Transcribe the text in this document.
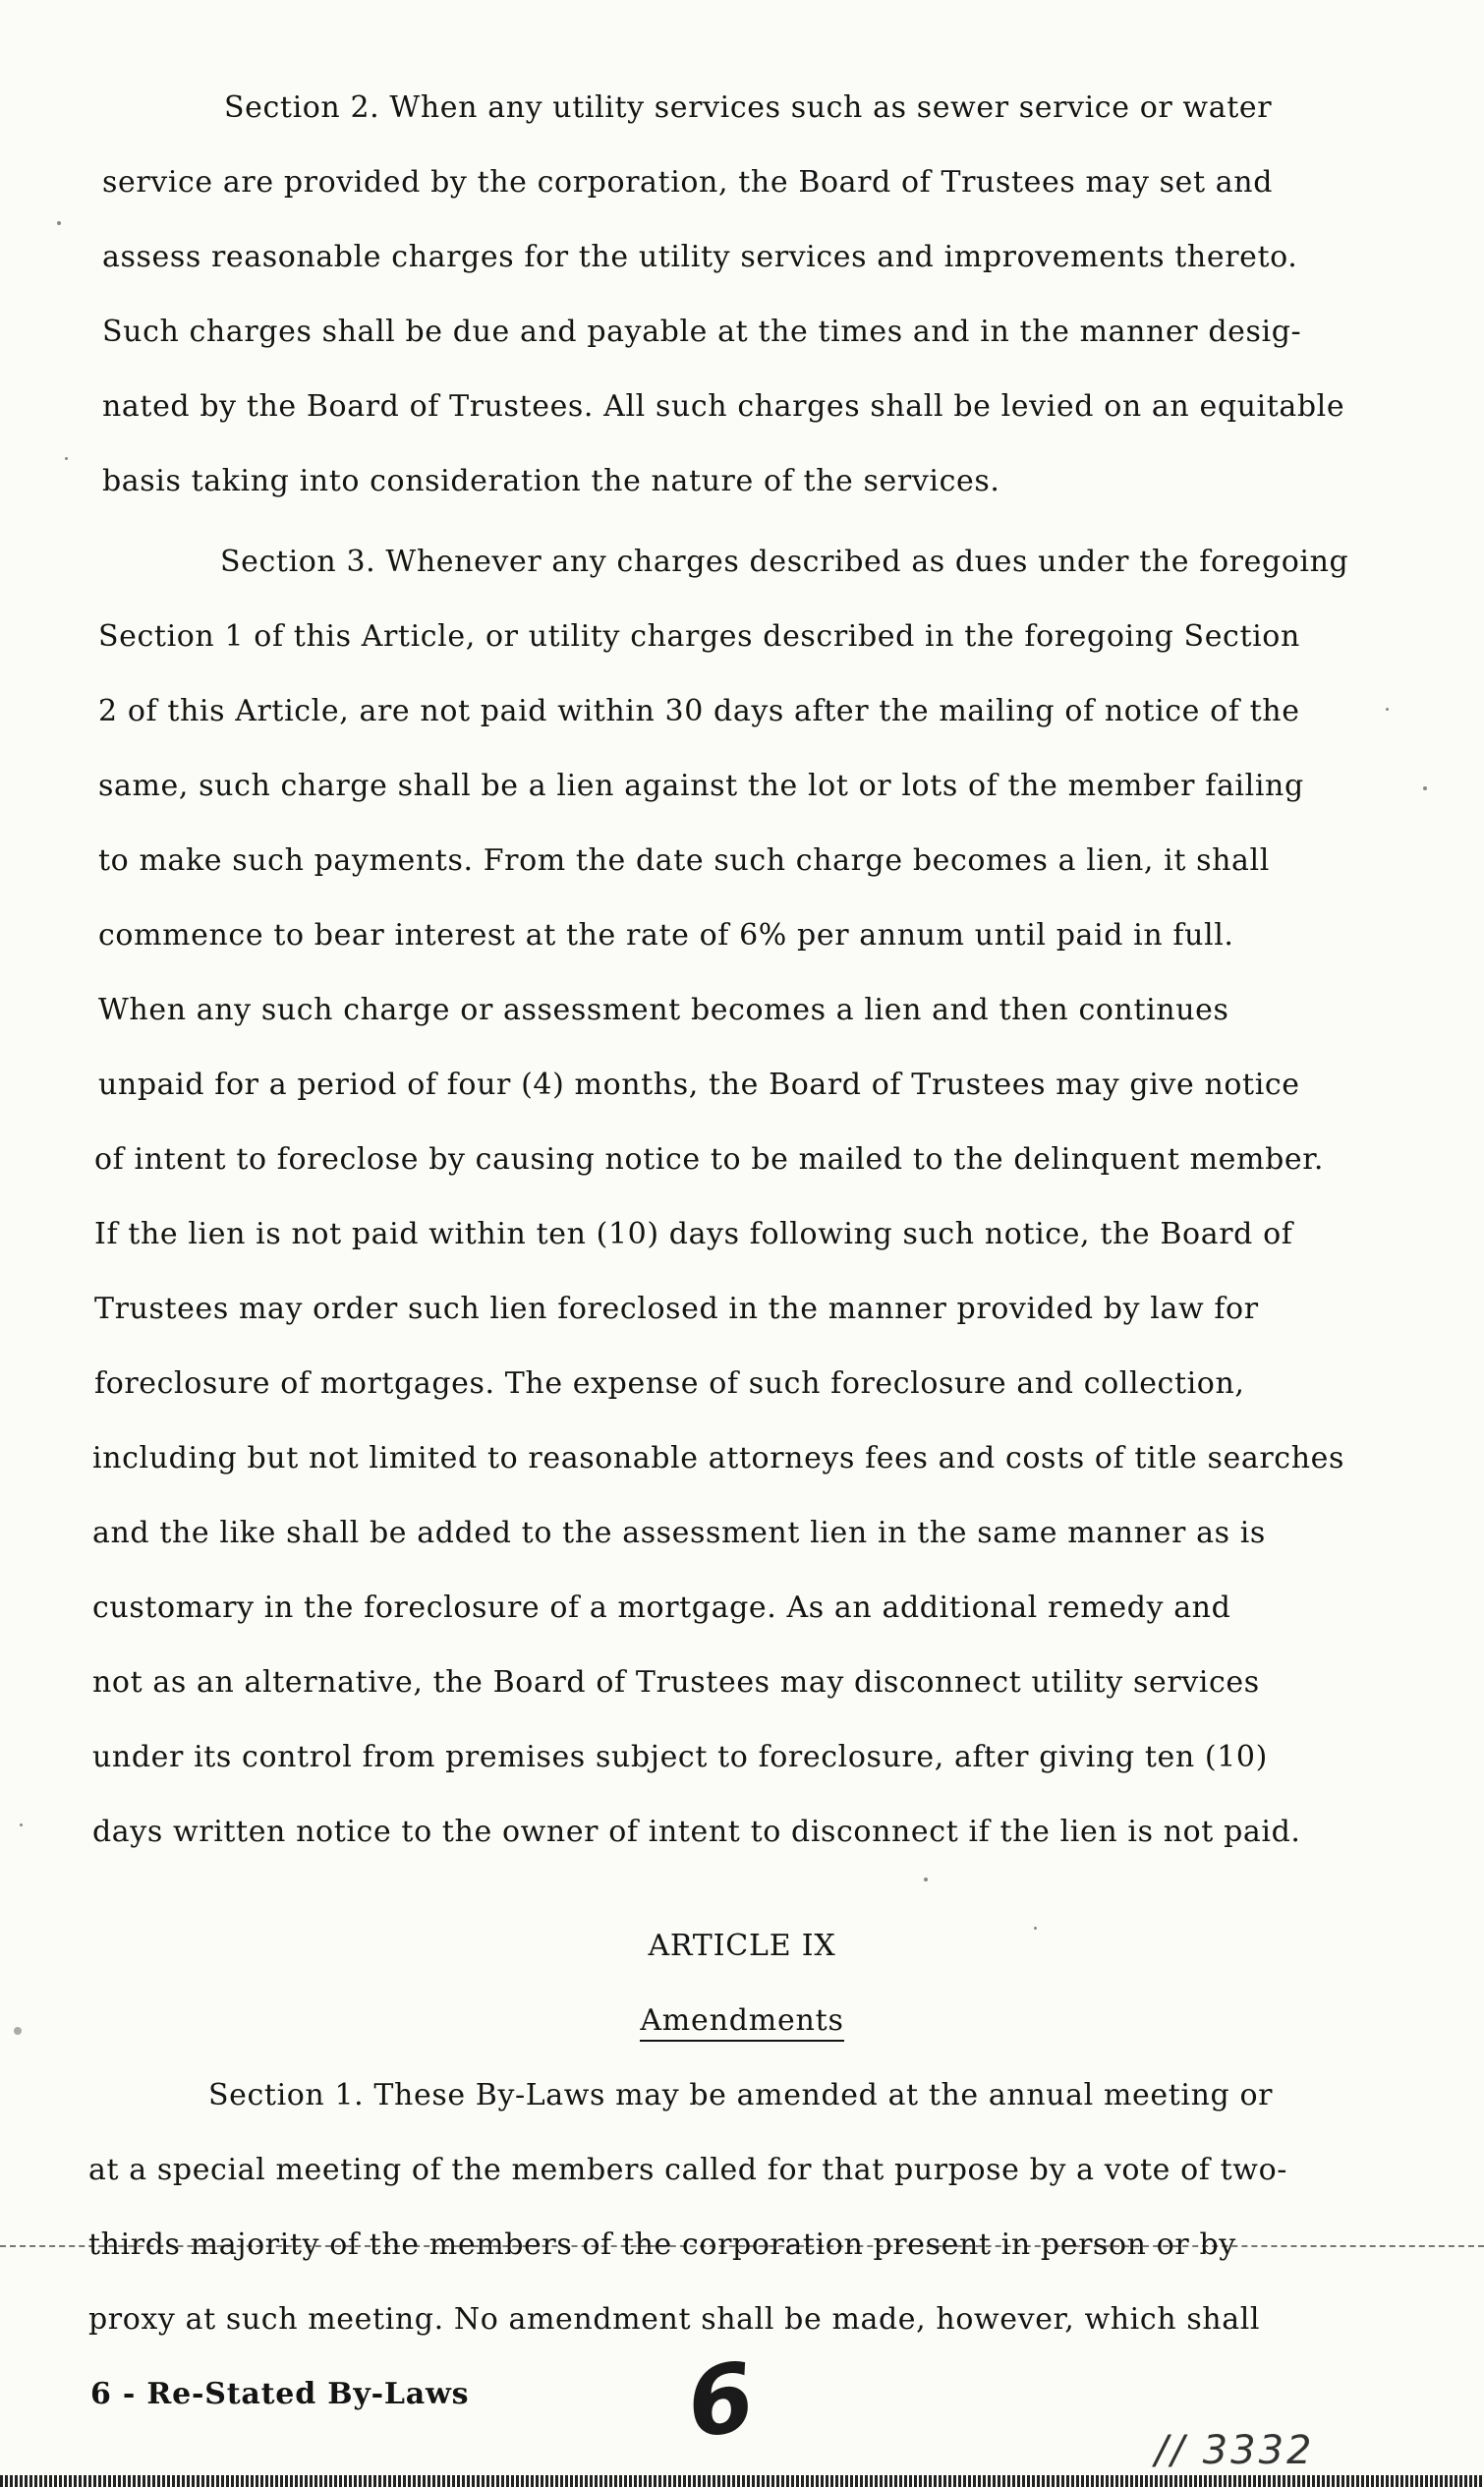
Section 2. When any utility services such as sewer service or water
service are provided by the corporation, the Board of Trustees may set and
assess reasonable charges for the utility services and improvements thereto.
Such charges shall be due and payable at the times and in the manner desig-
nated by the Board of Trustees. All such charges shall be levied on an equitable
basis taking into consideration the nature of the services.
Section 3. Whenever any charges described as dues under the foregoing
Section 1 of this Article, or utility charges described in the foregoing Section
2 of this Article, are not paid within 30 days after the mailing of notice of the
same, such charge shall be a lien against the lot or lots of the member failing
to make such payments. From the date such charge becomes a lien, it shall
commence to bear interest at the rate of 6% per annum until paid in full.
When any such charge or assessment becomes a lien and then continues
unpaid for a period of four (4) months, the Board of Trustees may give notice
of intent to foreclose by causing notice to be mailed to the delinquent member.
If the lien is not paid within ten (10) days following such notice, the Board of
Trustees may order such lien foreclosed in the manner provided by law for
foreclosure of mortgages. The expense of such foreclosure and collection,
including but not limited to reasonable attorneys fees and costs of title searches
and the like shall be added to the assessment lien in the same manner as is
customary in the foreclosure of a mortgage. As an additional remedy and
not as an alternative, the Board of Trustees may disconnect utility services
under its control from premises subject to foreclosure, after giving ten (10)
days written notice to the owner of intent to disconnect if the lien is not paid.
ARTICLE IX
Amendments
Section 1. These By-Laws may be amended at the annual meeting or
at a special meeting of the members called for that purpose by a vote of two-
thirds majority of the members of the corporation present in person or by
proxy at such meeting. No amendment shall be made, however, which shall
6 - Re-Stated By-Laws 6	// 3332
